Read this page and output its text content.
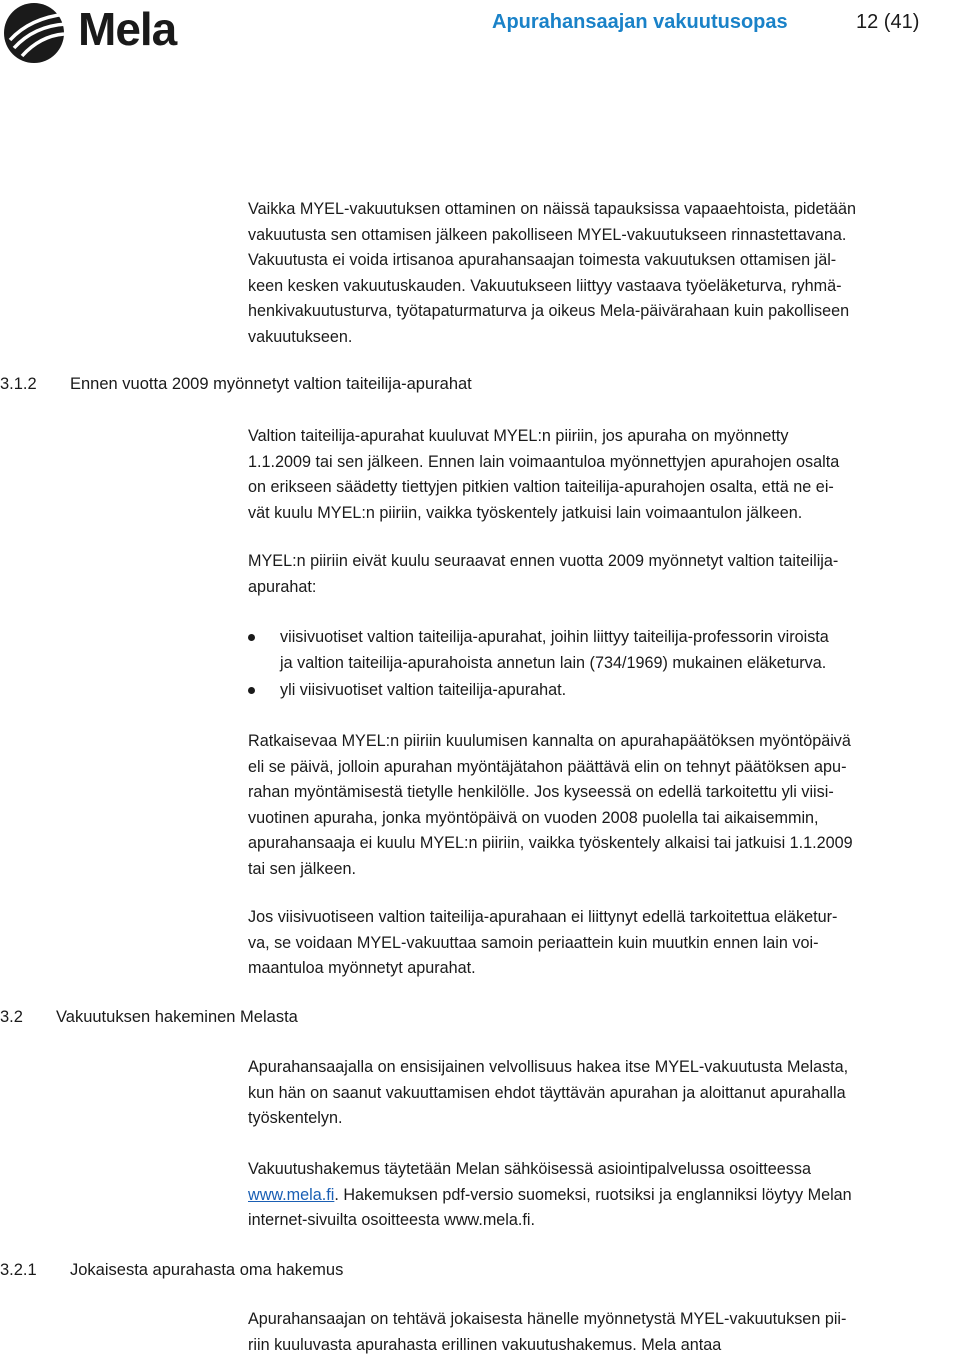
Mela	Apurahansaajan vakuutusopas	12 (41)
Vaikka MYEL-vakuutuksen ottaminen on näissä tapauksissa vapaaehtoista, pidetään
vakuutusta sen ottamisen jälkeen pakolliseen MYEL-vakuutukseen rinnastettavana.
Vakuutusta ei voida irtisanoa apurahansaajan toimesta vakuutuksen ottamisen jäl-
keen kesken vakuutuskauden. Vakuutukseen liittyy vastaava työeläketurva, ryhmä-
henkivakuutusturva, työtapaturmaturva ja oikeus Mela-päivärahaan kuin pakolliseen
vakuutukseen.
3.1.2 Ennen vuotta 2009 myönnetyt valtion taiteilija-apurahat
Valtion taiteilija-apurahat kuuluvat MYEL:n piiriin, jos apuraha on myönnetty
1.1.2009 tai sen jälkeen. Ennen lain voimaantuloa myönnettyjen apurahojen osalta
on erikseen säädetty tiettyjen pitkien valtion taiteilija-apurahojen osalta, että ne ei-
vät kuulu MYEL:n piiriin, vaikka työskentely jatkuisi lain voimaantulon jälkeen.
MYEL:n piiriin eivät kuulu seuraavat ennen vuotta 2009 myönnetyt valtion taiteilija-
apurahat:
viisivuotiset valtion taiteilija-apurahat, joihin liittyy taiteilija-professorin viroista
ja valtion taiteilija-apurahoista annetun lain (734/1969) mukainen eläketurva.
yli viisivuotiset valtion taiteilija-apurahat.
Ratkaisevaa MYEL:n piiriin kuulumisen kannalta on apurahapäätöksen myöntöpäivä
eli se päivä, jolloin apurahan myöntäjätahon päättävä elin on tehnyt päätöksen apu-
rahan myöntämisestä tietylle henkilölle. Jos kyseessä on edellä tarkoitettu yli viisi-
vuotinen apuraha, jonka myöntöpäivä on vuoden 2008 puolella tai aikaisemmin,
apurahansaaja ei kuulu MYEL:n piiriin, vaikka työskentely alkaisi tai jatkuisi 1.1.2009
tai sen jälkeen.
Jos viisivuotiseen valtion taiteilija-apurahaan ei liittynyt edellä tarkoitettua eläketur-
va, se voidaan MYEL-vakuuttaa samoin periaattein kuin muutkin ennen lain voi-
maantuloa myönnetyt apurahat.
3.2 Vakuutuksen hakeminen Melasta
Apurahansaajalla on ensisijainen velvollisuus hakea itse MYEL-vakuutusta Melasta,
kun hän on saanut vakuuttamisen ehdot täyttävän apurahan ja aloittanut apurahalla
työskentelyn.
Vakuutushakemus täytetään Melan sähköisessä asiointipalvelussa osoitteessa
www.mela.fi. Hakemuksen pdf-versio suomeksi, ruotsiksi ja englanniksi löytyy Melan
internet-sivuilta osoitteesta www.mela.fi.
3.2.1 Jokaisesta apurahasta oma hakemus
Apurahansaajan on tehtävä jokaisesta hänelle myönnetystä MYEL-vakuutuksen pii-
riin kuuluvasta apurahasta erillinen vakuutushakemus. Mela antaa
